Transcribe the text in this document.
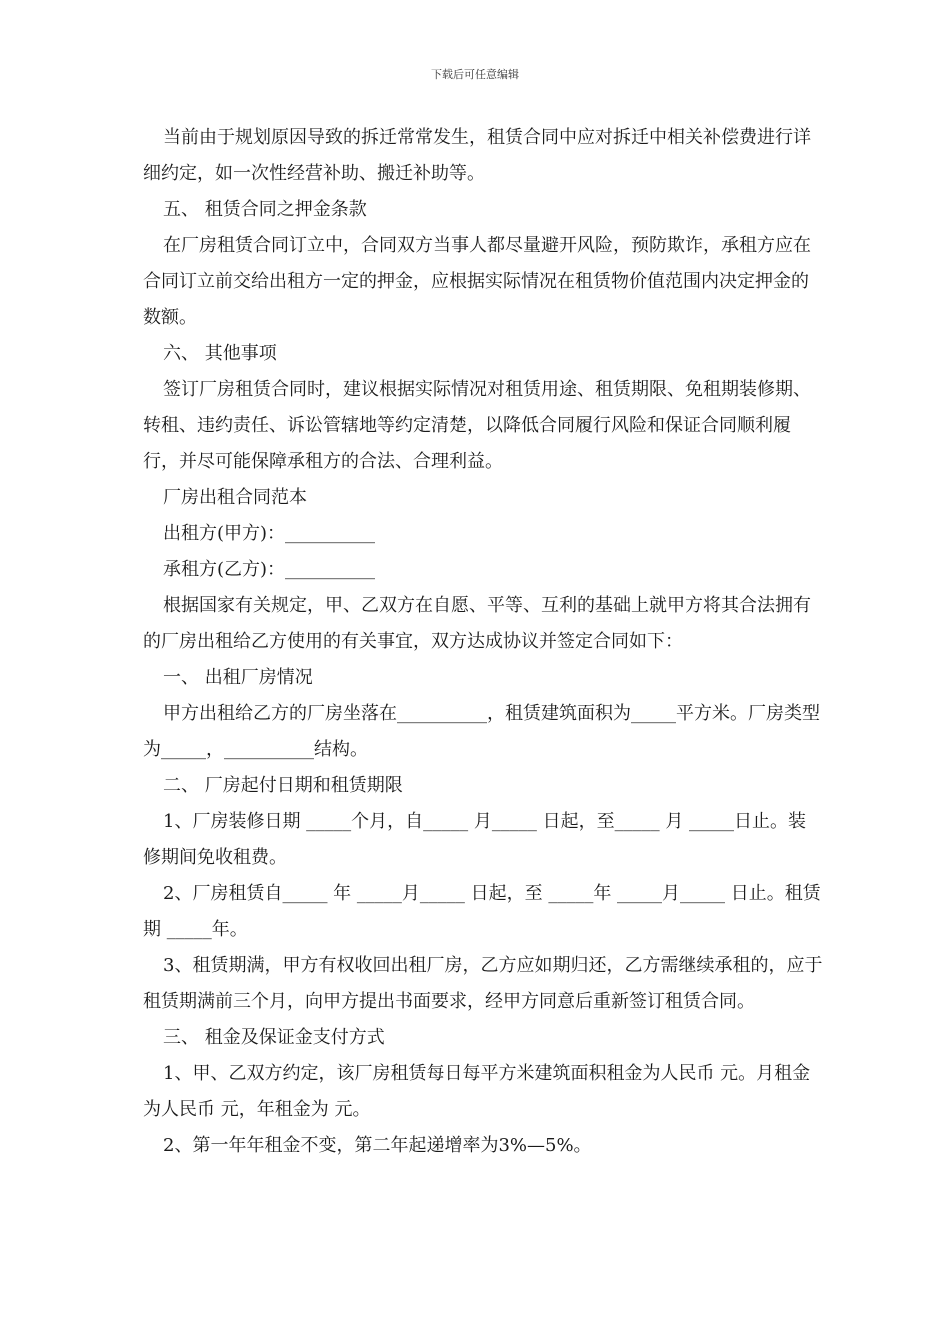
下载后可任意编辑

当前由于规划原因导致的拆迁常常发生，租赁合同中应对拆迁中相关补偿费进行详细约定，如一次性经营补助、搬迁补助等。

五、 租赁合同之押金条款

在厂房租赁合同订立中，合同双方当事人都尽量避开风险，预防欺诈，承租方应在合同订立前交给出租方一定的押金，应根据实际情况在租赁物价值范围内决定押金的数额。

六、 其他事项

签订厂房租赁合同时，建议根据实际情况对租赁用途、租赁期限、免租期装修期、转租、违约责任、诉讼管辖地等约定清楚，以降低合同履行风险和保证合同顺利履行，并尽可能保障承租方的合法、合理利益。

厂房出租合同范本

出租方(甲方)：__________

承租方(乙方)：__________

根据国家有关规定，甲、乙双方在自愿、平等、互利的基础上就甲方将其合法拥有的厂房出租给乙方使用的有关事宜，双方达成协议并签定合同如下：

一、 出租厂房情况

甲方出租给乙方的厂房坐落在__________，租赁建筑面积为_____平方米。厂房类型为_____，__________结构。

二、 厂房起付日期和租赁期限

1、厂房装修日期 _____个月，自_____ 月_____ 日起，至_____ 月 _____日止。装修期间免收租费。

2、厂房租赁自_____ 年 _____月_____ 日起，至 _____年 _____月_____ 日止。租赁期 _____年。

3、租赁期满，甲方有权收回出租厂房，乙方应如期归还，乙方需继续承租的，应于租赁期满前三个月，向甲方提出书面要求，经甲方同意后重新签订租赁合同。

三、 租金及保证金支付方式

1、甲、乙双方约定，该厂房租赁每日每平方米建筑面积租金为人民币 元。月租金为人民币 元，年租金为 元。

2、第一年年租金不变，第二年起递增率为3%—5%。
